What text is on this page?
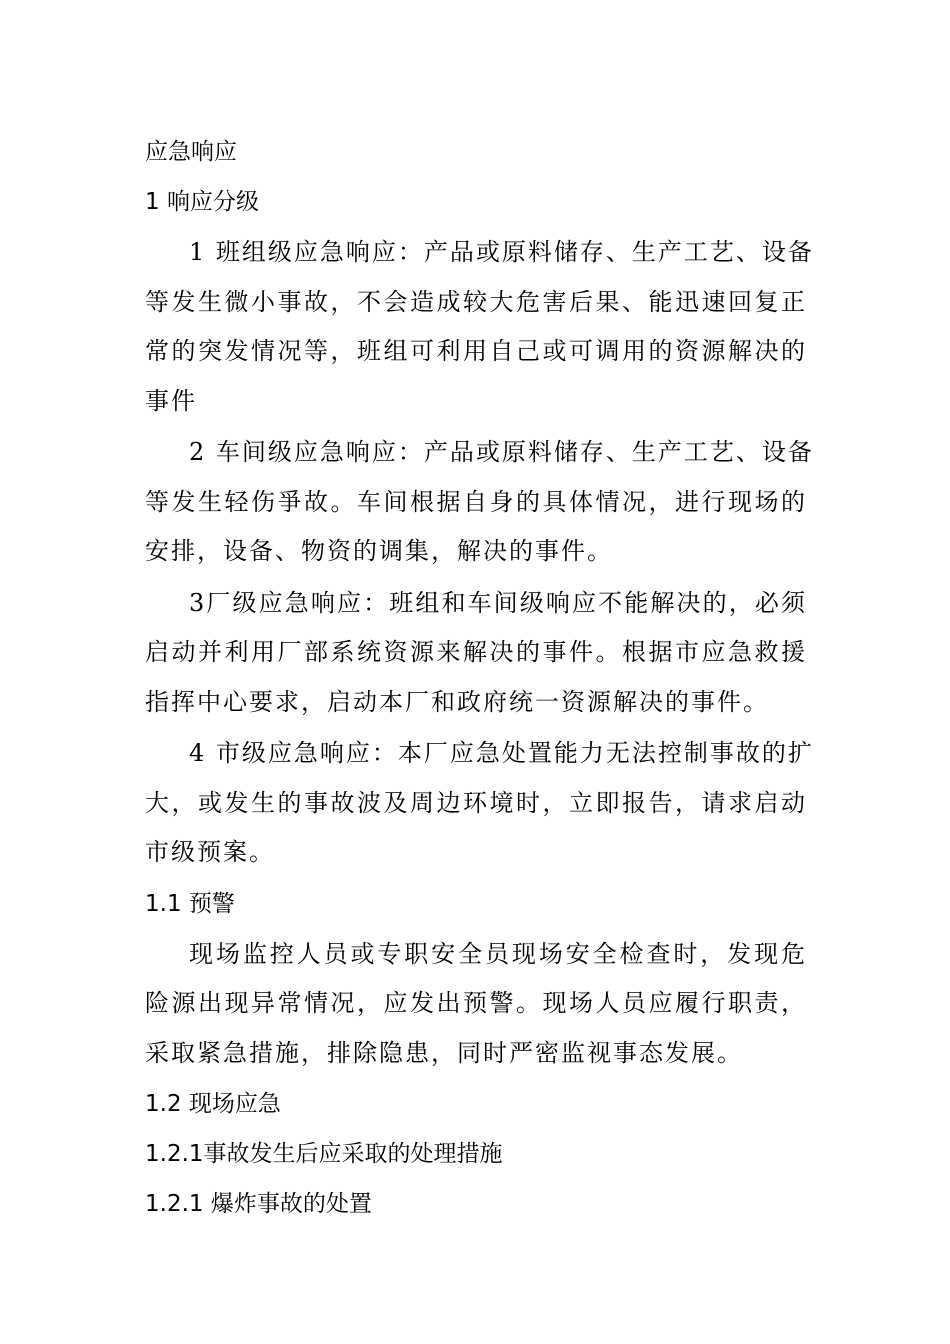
应急响应
1 响应分级
1 班组级应急响应：产品或原料储存、生产工艺、设备
等发生微小事故，不会造成较大危害后果、能迅速回复正
常的突发情况等，班组可利用自己或可调用的资源解决的
事件
2 车间级应急响应：产品或原料储存、生产工艺、设备
等发生轻伤爭故。车间根据自身的具体情况，进行现场的
安排，设备、物资的调集，解决的事件。
3厂级应急响应：班组和车间级响应不能解决的，必须
启动并利用厂部系统资源来解决的事件。根据市应急救援
指挥中心要求，启动本厂和政府统一资源解决的事件。
4 市级应急响应：本厂应急处置能力无法控制事故的扩
大，或发生的事故波及周边环境时，立即报告，请求启动
市级预案。
1.1 预警
现场监控人员或专职安全员现场安全检查时，发现危
险源出现异常情况，应发出预警。现场人员应履行职责，
采取紧急措施，排除隐患，同时严密监视事态发展。
1.2 现场应急
1.2.1事故发生后应采取的处理措施
1.2.1 爆炸事故的处置
